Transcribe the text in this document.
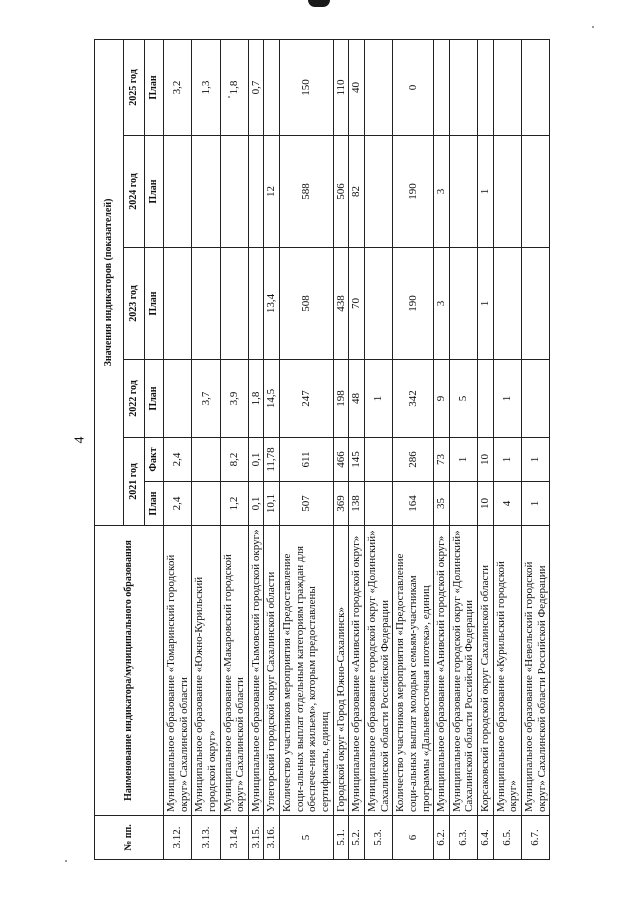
4
№ пп.	Наименование индикатора/муниципального образования	Значения индикаторов (показателей)					
		2021 год		2022 год	2023 год	2024 год	2025 год
		План	Факт	План	План	План	План
3.12.	Муниципальное образование «Томаринский городской округ» Сахалинской области	2,4	2,4				3,2
3.13.	Муниципальное образование «Южно-Курильский городской округ»			3,7			1,3
3.14.	Муниципальное образование «Макаровский городской округ» Сахалинской области	1,2	8,2	3,9			1,8
3.15.	Муниципальное образование «Тымовский городской округ»	0,1	0,1	1,8			0,7
3.16.	Углегорский городской округ Сахалинской области	10,1	11,78	14,5	13,4	12	
5	Количество участников мероприятия «Предоставление соци-альных выплат отдельным категориям граждан для обеспече-ния жильем», которым предоставлены сертификаты, единиц	507	611	247	508	588	150
5.1.	Городской округ «Город Южно-Сахалинск»	369	466	198	438	506	110
5.2.	Муниципальное образование «Анивский городской округ»	138	145	48	70	82	40
5.3.	Муниципальное образование городской округ «Долинский» Сахалинской области Российской Федерации			1			
6	Количество участников мероприятия «Предоставление соци-альных выплат молодым семьям-участникам программы «Дальневосточная ипотека», единиц	164	286	342	190	190	0
6.2.	Муниципальное образование «Анивский городской округ»	35	73	9	3	3	
6.3.	Муниципальное образование городской округ «Долинский» Сахалинской области Российской Федерации		1	5			
6.4.	Корсаковский городской округ Сахалинской области	10	10		1	1	
6.5.	Муниципальное образование «Курильский городской округ»	4	1	1			
6.7.	Муниципальное образование «Невельский городской округ» Сахалинской области Российской Федерации	1	1				
